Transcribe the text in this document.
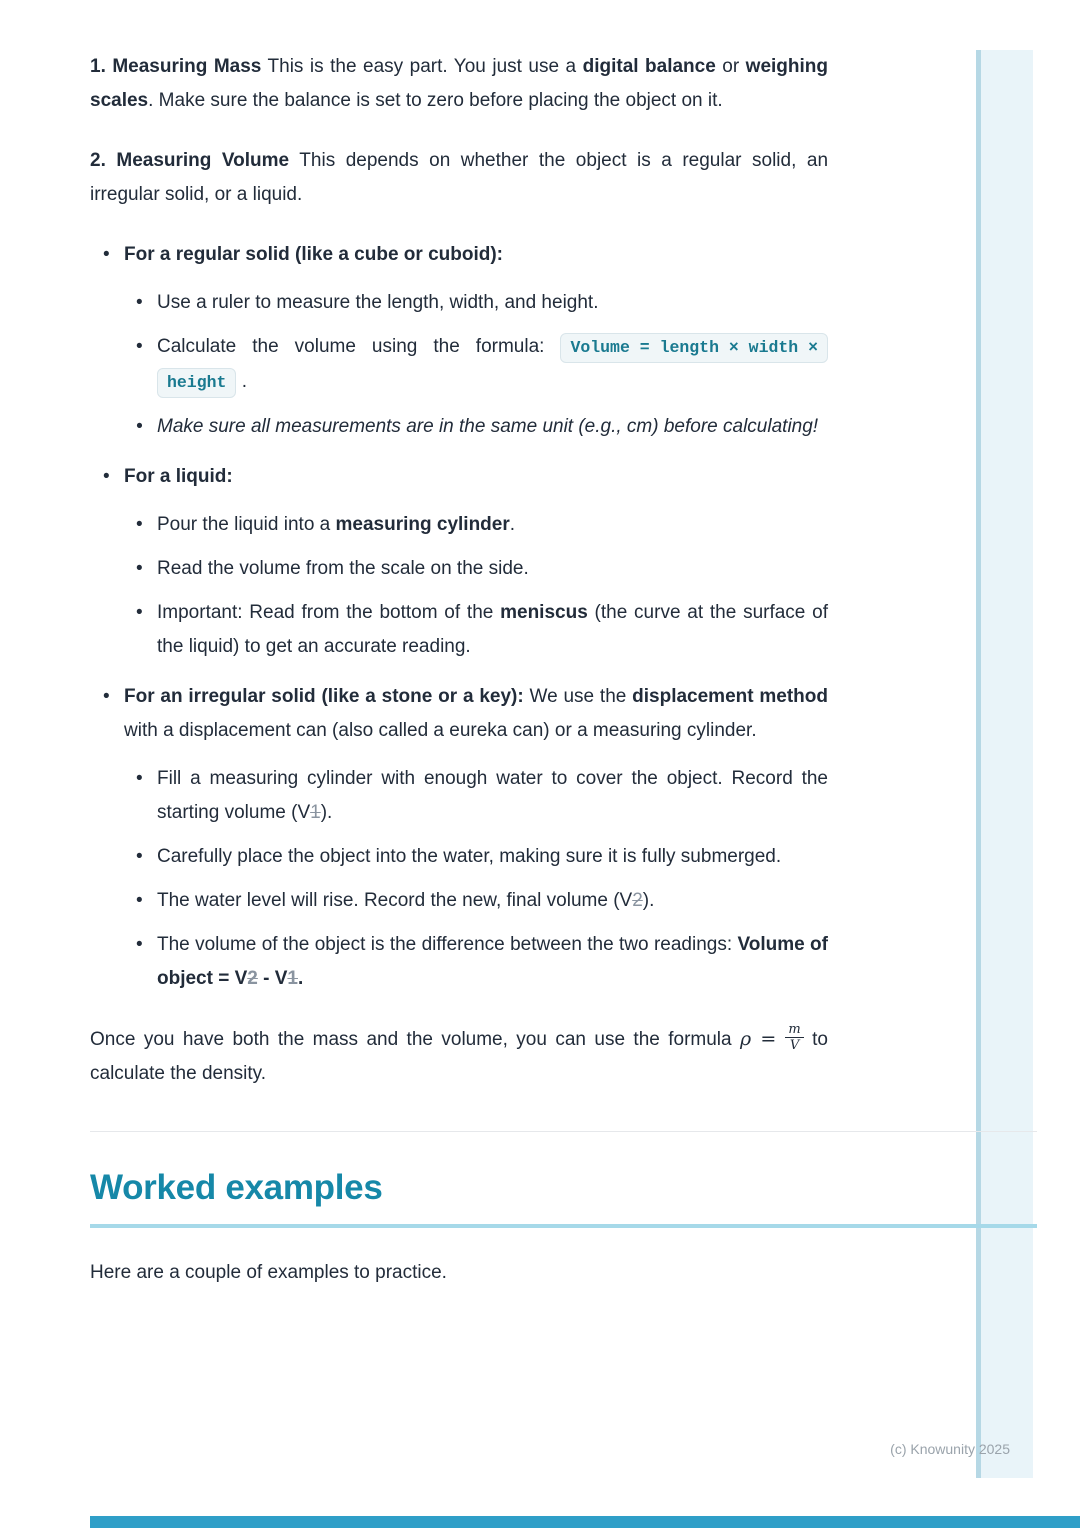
(c) Knowunity 2025

1. Measuring Mass This is the easy part. You just use a digital balance or weighing scales. Make sure the balance is set to zero before placing the object on it.

2. Measuring Volume This depends on whether the object is a regular solid, an irregular solid, or a liquid.

• For a regular solid (like a cube or cuboid):
• Use a ruler to measure the length, width, and height.
• Calculate the volume using the formula: Volume = length × width × height .
• Make sure all measurements are in the same unit (e.g., cm) before calculating!
• For a liquid:
• Pour the liquid into a measuring cylinder.
• Read the volume from the scale on the side.
• Important: Read from the bottom of the meniscus (the curve at the surface of the liquid) to get an accurate reading.
• For an irregular solid (like a stone or a key): We use the displacement method with a displacement can (also called a eureka can) or a measuring cylinder.
• Fill a measuring cylinder with enough water to cover the object. Record the starting volume (V1).
• Carefully place the object into the water, making sure it is fully submerged.
• The water level will rise. Record the new, final volume (V2).
• The volume of the object is the difference between the two readings: Volume of object = V2 - V1.

Once you have both the mass and the volume, you can use the formula $\rho = \frac{m}{V}$ to calculate the density.

Worked examples

Here are a couple of examples to practice.
